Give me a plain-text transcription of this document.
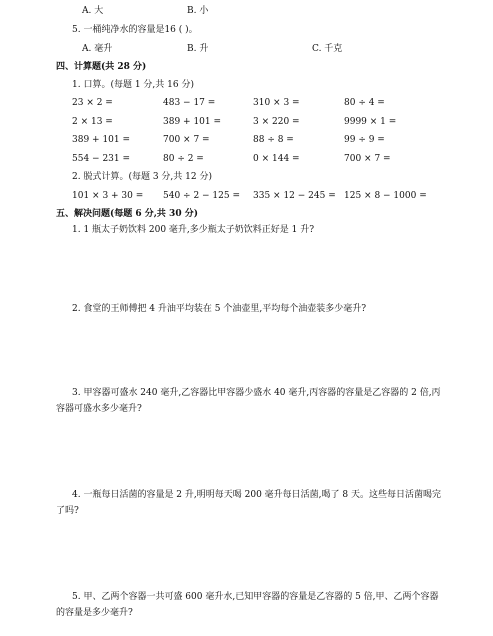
A. 大	B. 小
5. 一桶纯净水的容量是16 ( )。
A. 毫升	B. 升	C. 千克
四、计算题(共 28 分)
1. 口算。(每题 1 分,共 16 分)
23 × 2 =	483 − 17 =	310 × 3 =	80 ÷ 4 =
2 × 13 =	389 + 101 =	3 × 220 =	9999 × 1 =
389 + 101 =	700 × 7 =	88 ÷ 8 =	99 ÷ 9 =
554 − 231 =	80 ÷ 2 =	0 × 144 =	700 × 7 =
2. 脱式计算。(每题 3 分,共 12 分)
101 × 3 + 30 = 540 ÷ 2 − 125 = 335 × 12 − 245 = 125 × 8 − 1000 =
五、解决问题(每题 6 分,共 30 分)
1. 1 瓶太子奶饮料 200 毫升,多少瓶太子奶饮料正好是 1 升?
2. 食堂的王师傅把 4 升油平均装在 5 个油壶里,平均每个油壶装多少毫升?
3. 甲容器可盛水 240 毫升,乙容器比甲容器少盛水 40 毫升,丙容器的容量是乙容器的 2 倍,丙容器可盛水多少毫升?
4. 一瓶每日活菌的容量是 2 升,明明每天喝 200 毫升每日活菌,喝了 8 天。这些每日活菌喝完了吗?
5. 甲、乙两个容器一共可盛 600 毫升水,已知甲容器的容量是乙容器的 5 倍,甲、乙两个容器的容量是多少毫升?
